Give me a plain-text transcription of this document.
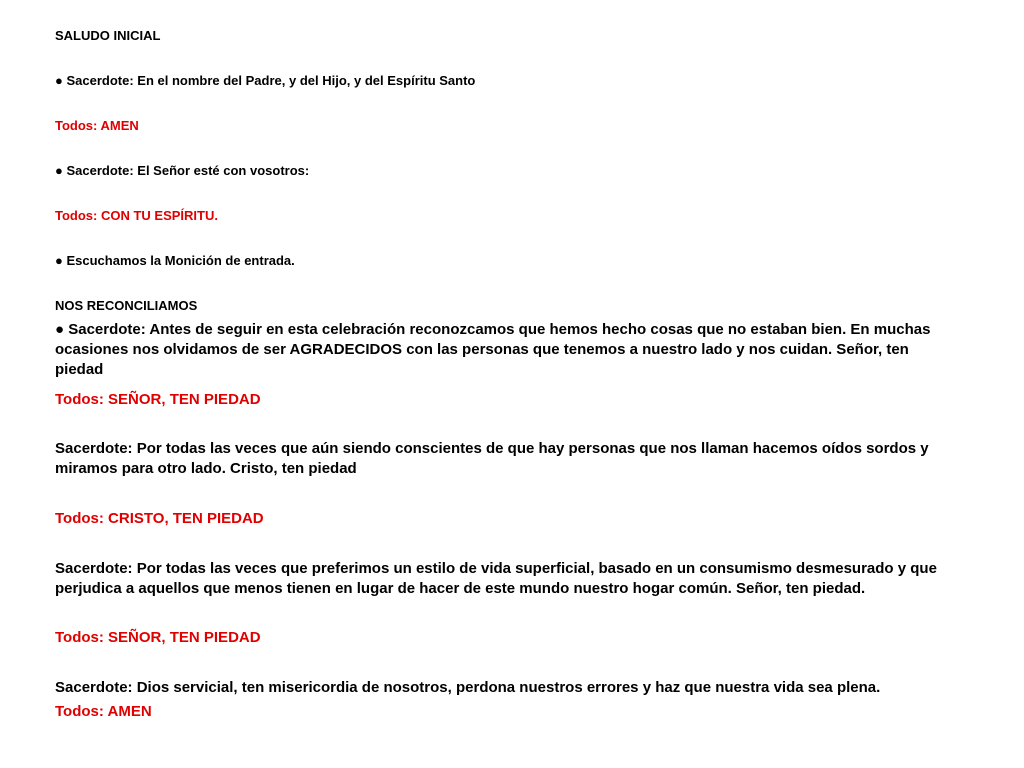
SALUDO INICIAL

● Sacerdote: En el nombre del Padre, y del Hijo, y del Espíritu Santo

Todos: AMEN

● Sacerdote: El Señor esté con vosotros:

Todos: CON TU ESPÍRITU.

● Escuchamos la Monición de entrada.

NOS RECONCILIAMOS

● Sacerdote: Antes de seguir en esta celebración reconozcamos que hemos hecho cosas que no estaban bien. En muchas ocasiones nos olvidamos de ser AGRADECIDOS con las personas que tenemos a nuestro lado y nos cuidan. Señor, ten piedad

Todos: SEÑOR, TEN PIEDAD

Sacerdote: Por todas las veces que aún siendo conscientes de que hay personas que nos llaman hacemos oídos sordos y miramos para otro lado. Cristo, ten piedad

Todos: CRISTO, TEN PIEDAD

Sacerdote: Por todas las veces que preferimos un estilo de vida superficial, basado en un consumismo desmesurado y que perjudica a aquellos que menos tienen en lugar de hacer de este mundo nuestro hogar común. Señor, ten piedad.

Todos: SEÑOR, TEN PIEDAD

Sacerdote: Dios servicial, ten misericordia de nosotros, perdona nuestros errores y haz que nuestra vida sea plena.

Todos: AMEN
